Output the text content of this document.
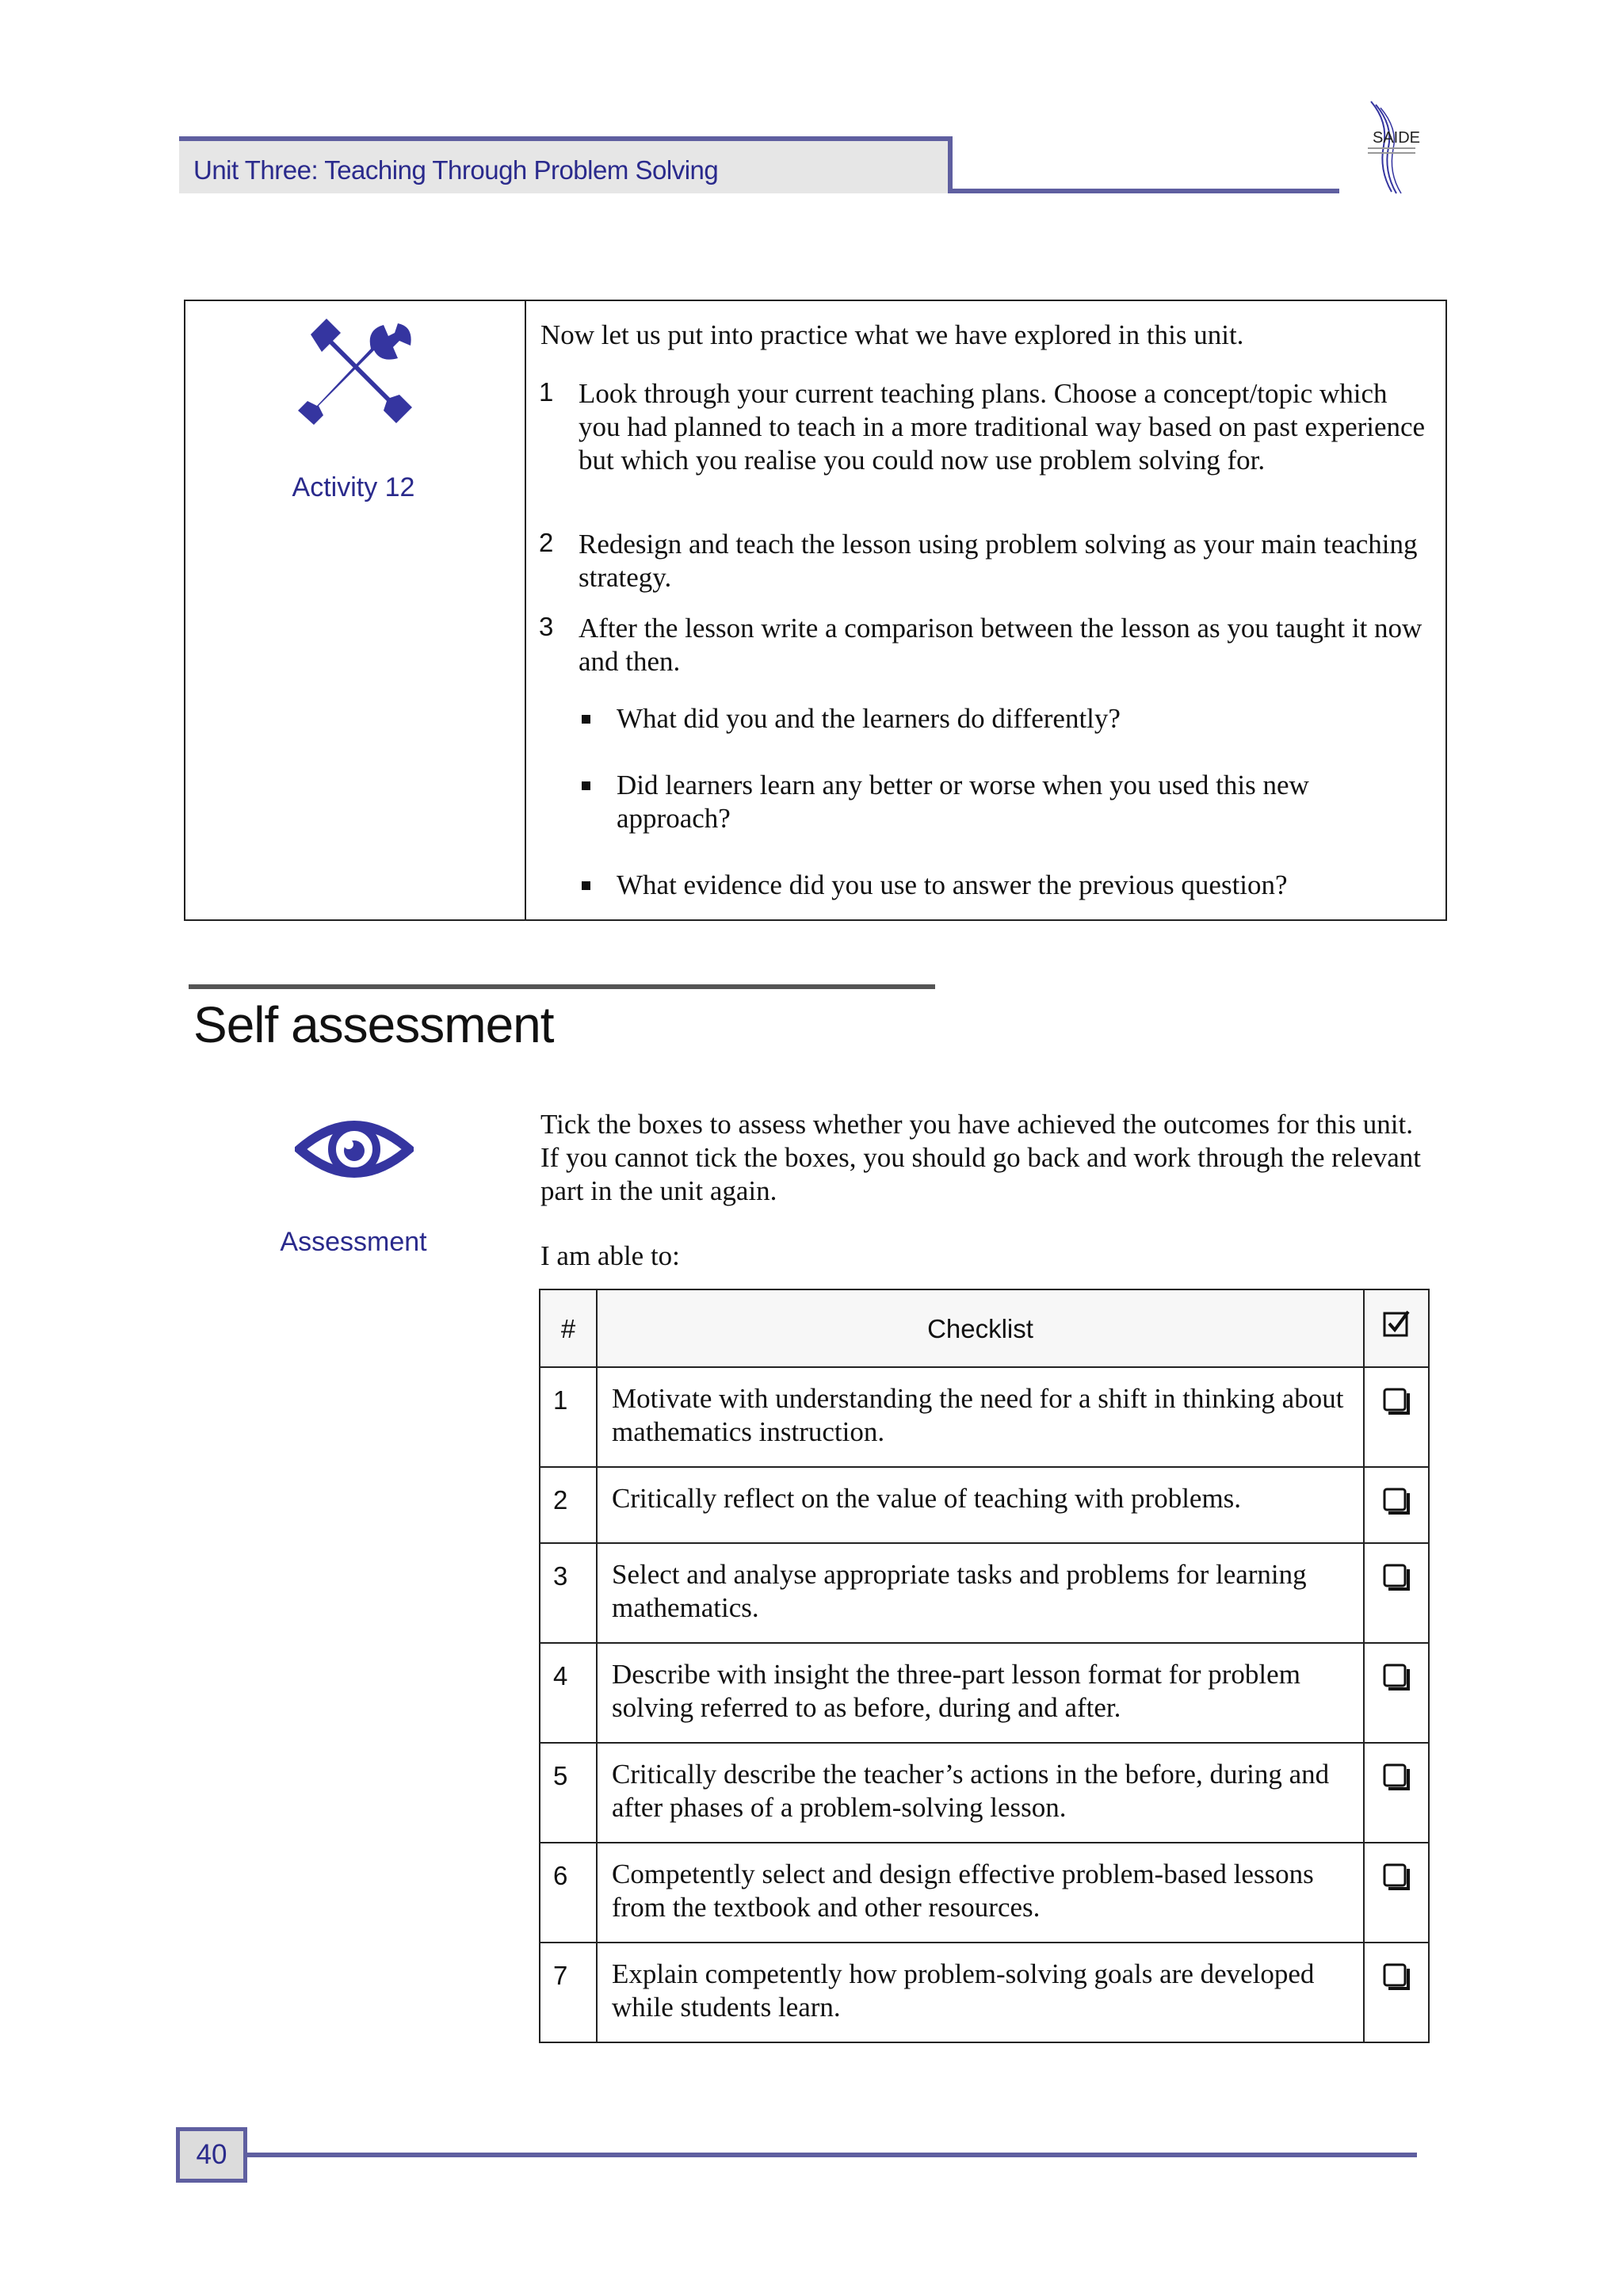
Unit Three: Teaching Through Problem Solving
SAIDE
Activity 12
Now let us put into practice what we have explored in this unit.
1 Look through your current teaching plans. Choose a concept/topic which you had planned to teach in a more traditional way based on past experience but which you realise you could now use problem solving for.
2 Redesign and teach the lesson using problem solving as your main teaching strategy.
3 After the lesson write a comparison between the lesson as you taught it now and then.
What did you and the learners do differently?
Did learners learn any better or worse when you used this new approach?
What evidence did you use to answer the previous question?
Self assessment
Assessment
Tick the boxes to assess whether you have achieved the outcomes for this unit. If you cannot tick the boxes, you should go back and work through the relevant part in the unit again.
I am able to:
#	Checklist

1	Motivate with understanding the need for a shift in thinking about mathematics instruction.

2	Critically reflect on the value of teaching with problems.

3	Select and analyse appropriate tasks and problems for learning mathematics.

4	Describe with insight the three-part lesson format for problem solving referred to as before, during and after.

5	Critically describe the teacher’s actions in the before, during and after phases of a problem-solving lesson.

6	Competently select and design effective problem-based lessons from the textbook and other resources.

7	Explain competently how problem-solving goals are developed while students learn.

40
